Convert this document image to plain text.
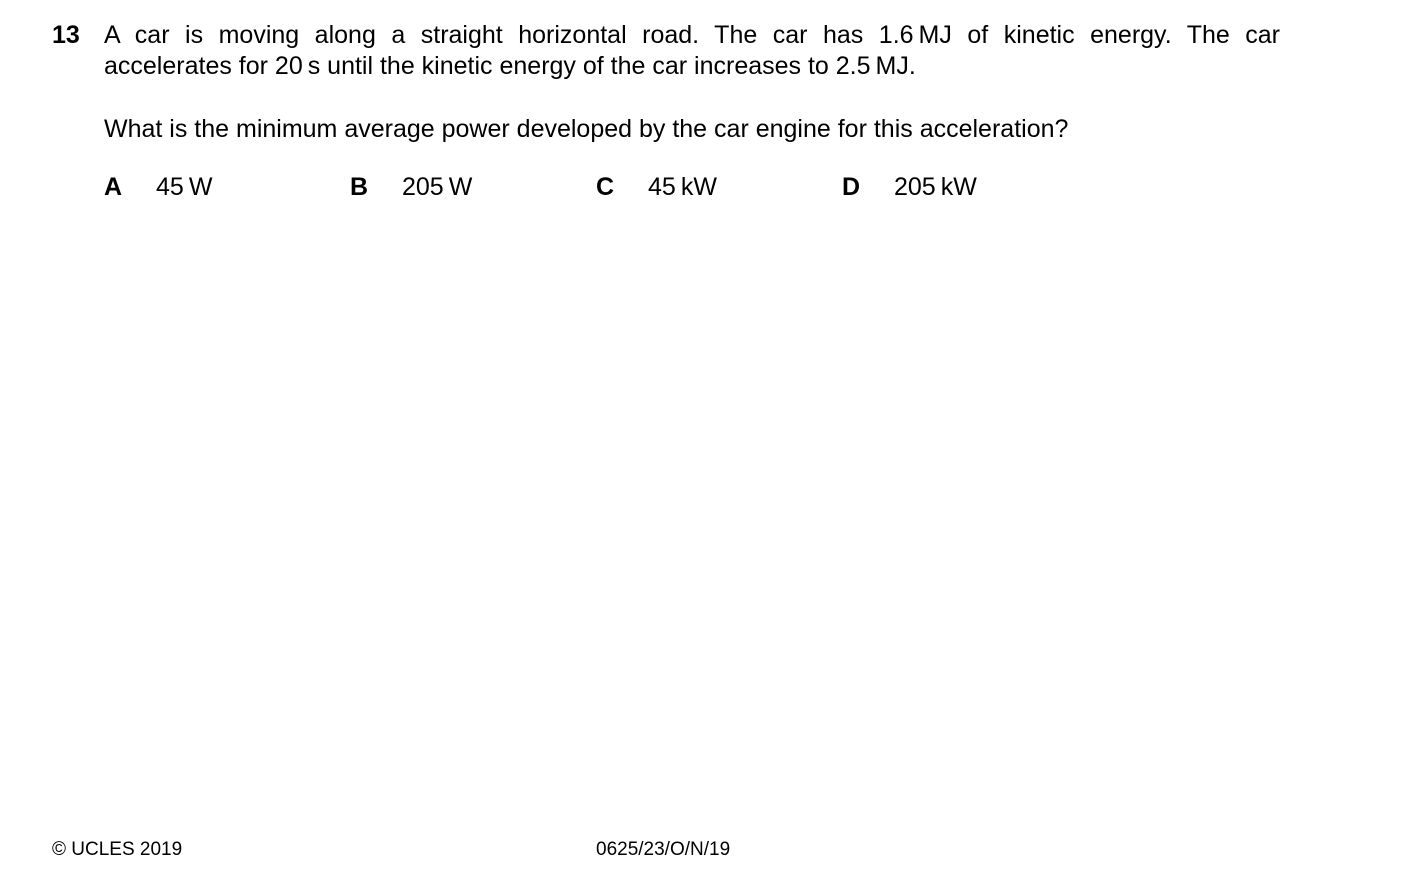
13 A car is moving along a straight horizontal road. The car has 1.6 MJ of kinetic energy. The car
accelerates for 20 s until the kinetic energy of the car increases to 2.5 MJ.
What is the minimum average power developed by the car engine for this acceleration?
A 45 W	B 205 W	C 45 kW	D 205 kW
© UCLES 2019	0625/23/O/N/19
